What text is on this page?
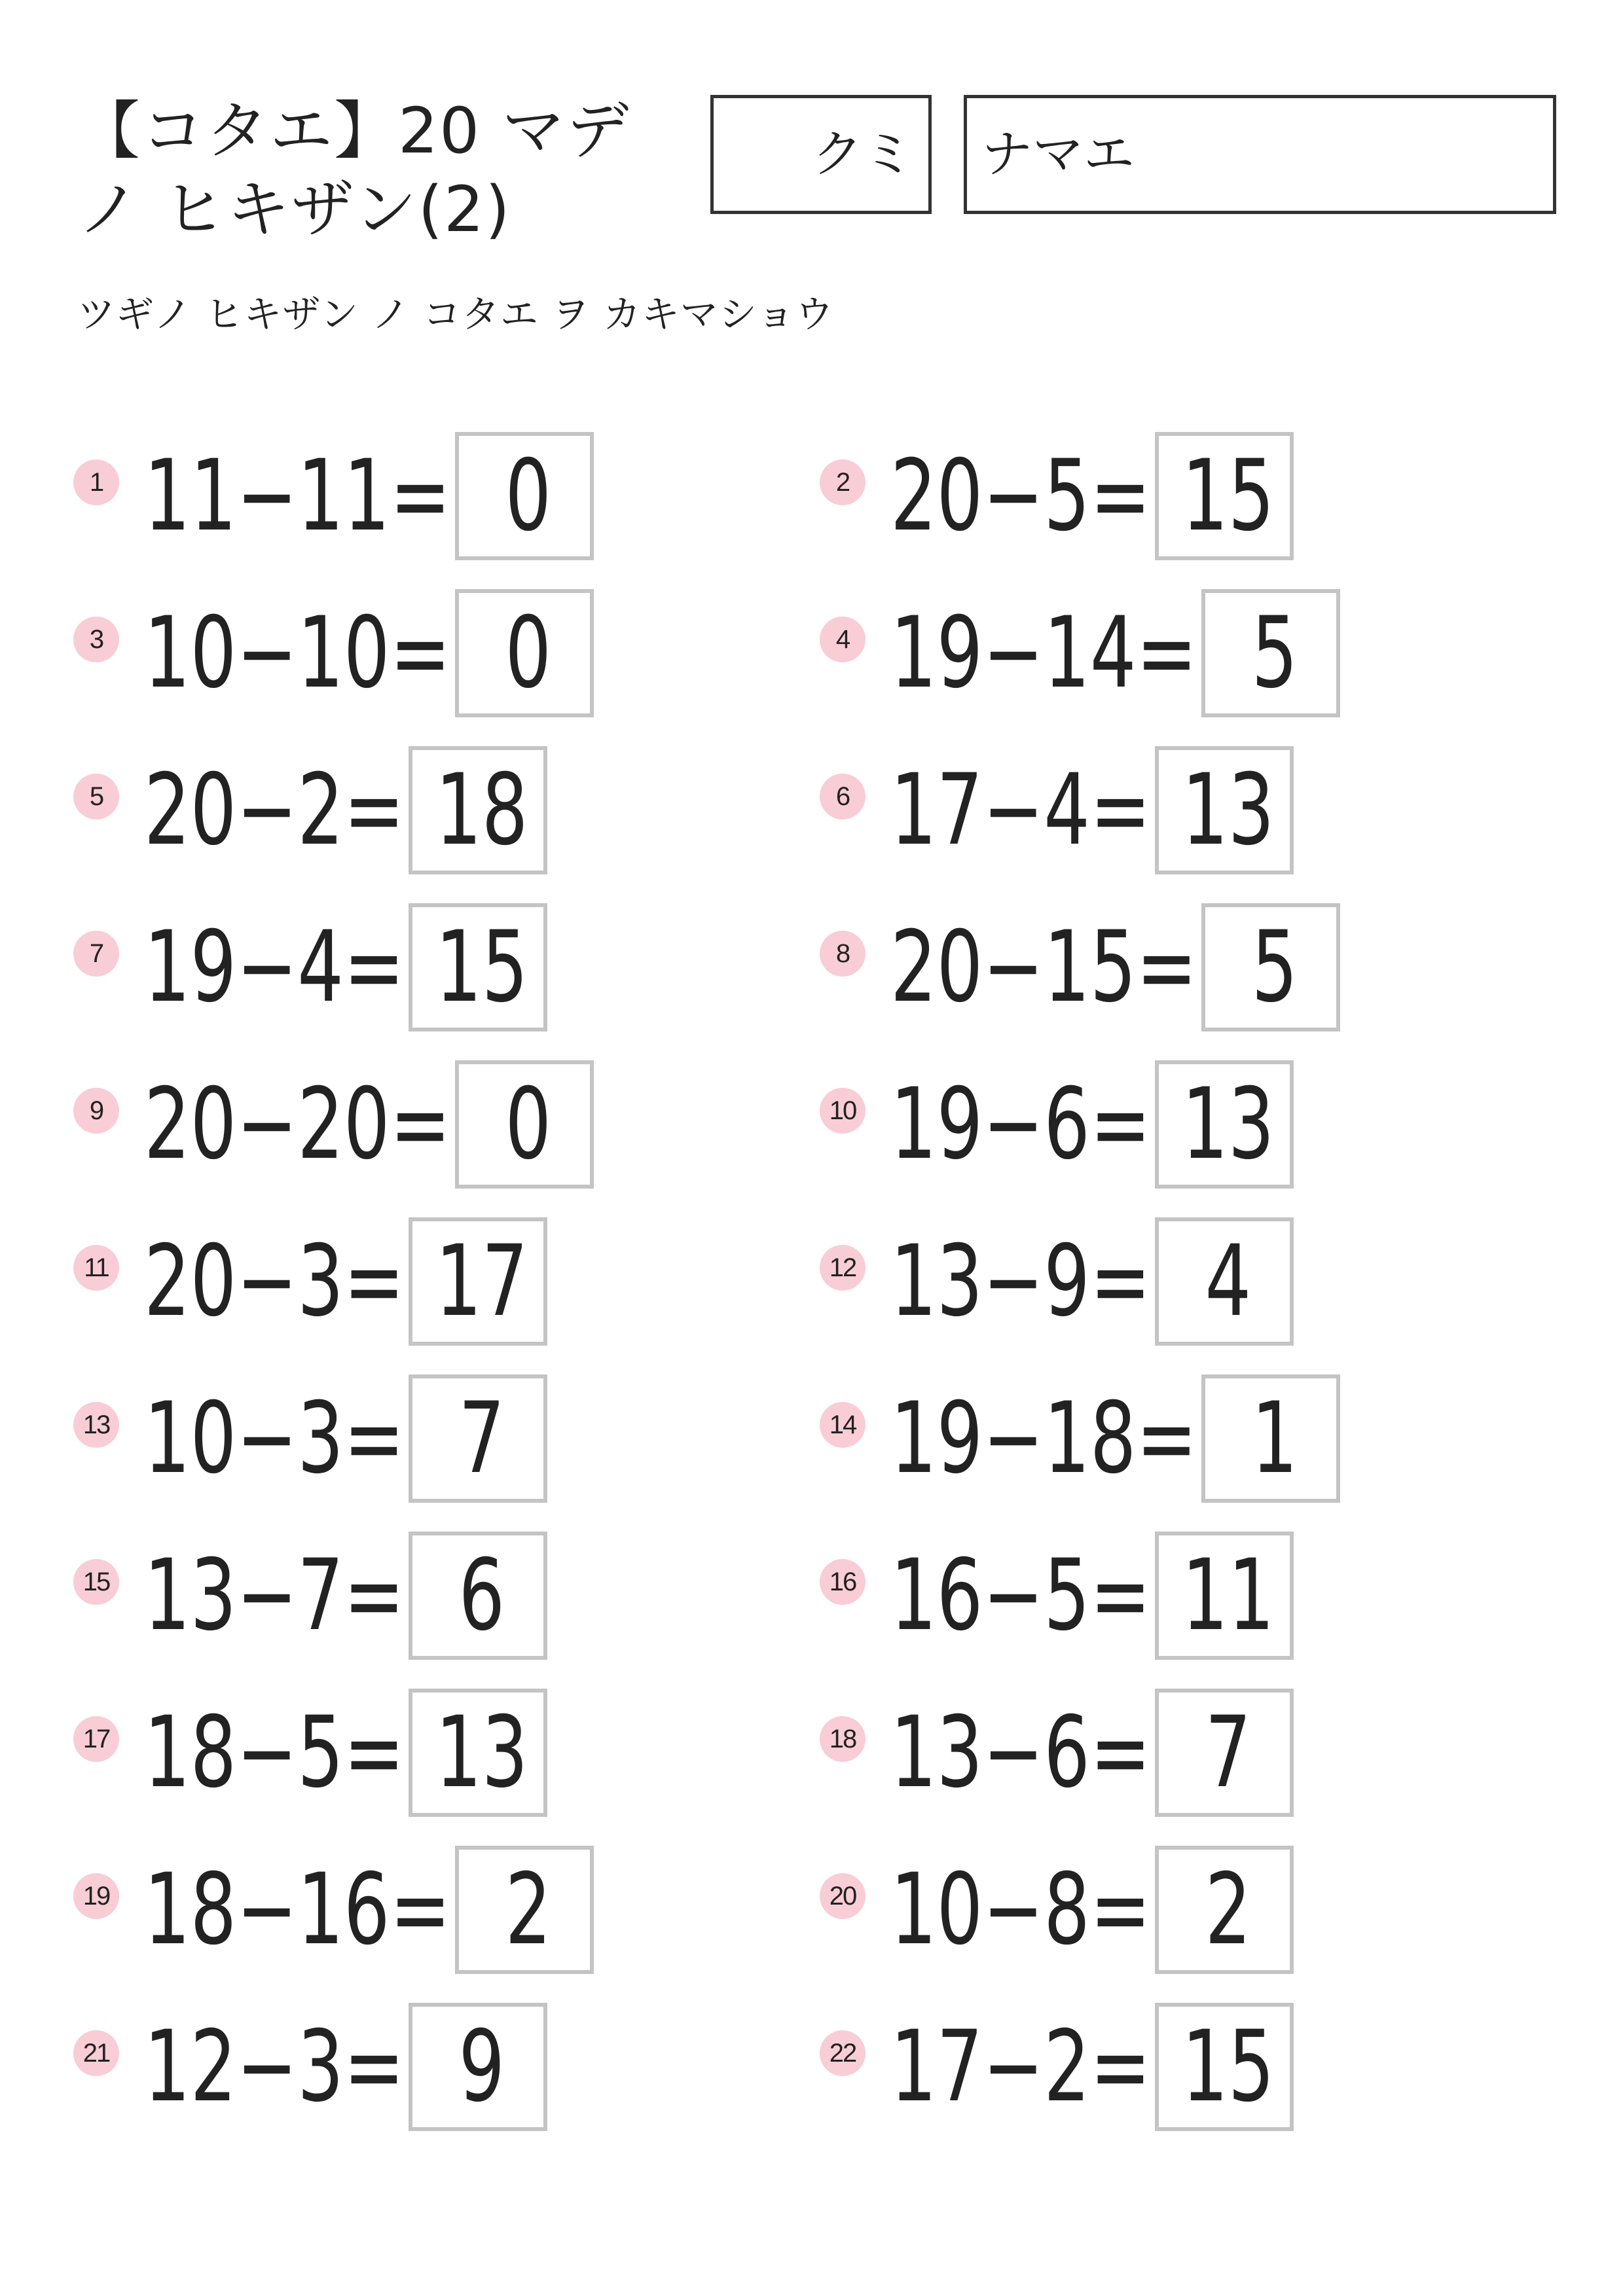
【コタエ】20 マデ
ノ ヒキザン(2)
クミ ナマエ
ツギノ ヒキザン ノ コタエ ヲ カキマショウ
1 11−11= 0	2 20−5= 15
3 10−10= 0	4 19−14= 5
5 20−2= 18	6 17−4= 13
7 19−4= 15	8 20−15= 5
9 20−20= 0	10 19−6= 13
11 20−3= 17	12 13−9= 4
13 10−3= 7	14 19−18= 1
15 13−7= 6	16 16−5= 11
17 18−5= 13	18 13−6= 7
19 18−16= 2	20 10−8= 2
21 12−3= 9	22 17−2= 15
